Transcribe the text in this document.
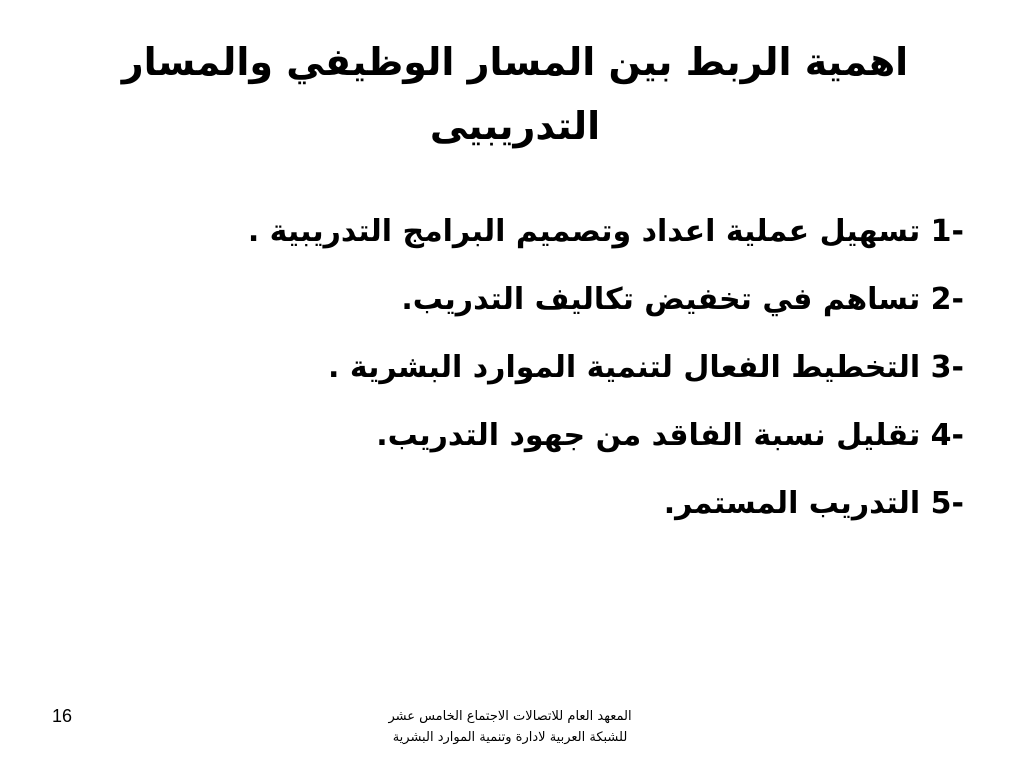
اهمية الربط بين المسار الوظيفي والمسار التدريبيى
1- تسهيل عملية اعداد وتصميم البرامج التدريبية .
2- تساهم في تخفيض تكاليف التدريب.
3- التخطيط الفعال لتنمية الموارد البشرية .
4- تقليل نسبة الفاقد من جهود التدريب.
5- التدريب المستمر.
المعهد العام للاتصالات الاجتماع الخامس عشر
للشبكة العربية لادارة وتنمية الموارد البشرية
16
